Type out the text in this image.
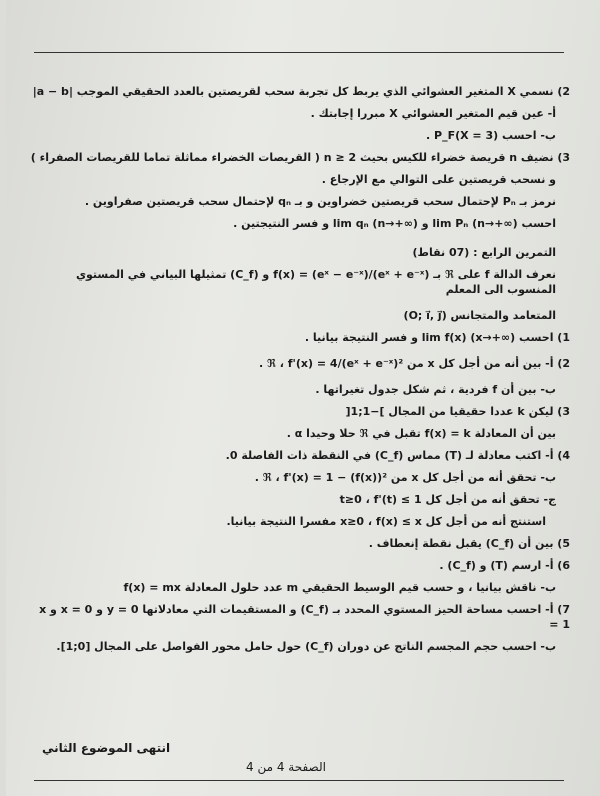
2) نسمي X المتغير العشوائي الذي يربط كل تجربة سحب لقريصتين بالعدد الحقيقي الموجب |a − b|
أ- عين قيم المتغير العشوائي X مبررا إجابتك .
ب- احسب P_F(X = 3) .
3) نضيف n قريصة خضراء للكيس بحيث n ≥ 2 ( القريصات الخضراء مماثلة تماما للقريصات الصفراء )
و نسحب قريصتين على التوالي مع الإرجاع .
نرمز بـ Pₙ لإحتمال سحب قريصتين خضراوين و بـ qₙ لإحتمال سحب قريصتين صفراوين .
احسب lim Pₙ (n→+∞) و lim qₙ (n→+∞) و فسر النتيجتين .
التمرين الرابع : (07 نقاط)
نعرف الدالة f على ℜ بـ f(x) = (eˣ − e⁻ˣ)/(eˣ + e⁻ˣ) و (C_f) تمثيلها البياني في المستوي المنسوب الى المعلم
المتعامد والمتجانس (O; i⃗, j⃗)
1) احسب lim f(x) (x→+∞) و فسر النتيجة بيانيا .
2) أ- بين أنه من أجل كل x من ℜ ، f'(x) = 4/(eˣ + e⁻ˣ)² .
ب- بين أن f فردية ، ثم شكل جدول تغيراتها .
3) ليكن k عددا حقيقيا من المجال ]−1;1[
بين أن المعادلة f(x) = k تقبل في ℜ حلا وحيدا α .
4) أ- اكتب معادلة لـ (T) مماس (C_f) في النقطة ذات الفاصلة 0.
ب- تحقق أنه من أجل كل x من ℜ ، f'(x) = 1 − (f(x))² .
ج- تحقق أنه من أجل كل t≥0 ، f'(t) ≤ 1
استنتج أنه من أجل كل x≥0 ، f(x) ≤ x مفسرا النتيجة بيانيا.
5) بين أن (C_f) يقبل نقطة إنعطاف .
6) أ- ارسم (T) و (C_f) .
ب- ناقش بيانيا ، و حسب قيم الوسيط الحقيقي m عدد حلول المعادلة f(x) = mx
7) أ- احسب مساحة الحيز المستوي المحدد بـ (C_f) و المستقيمات التي معادلاتها y = 0 و x = 0 و x = 1
ب- احسب حجم المجسم الناتج عن دوران (C_f) حول حامل محور الفواصل على المجال [0;1].
انتهى الموضوع الثاني
الصفحة 4 من 4
